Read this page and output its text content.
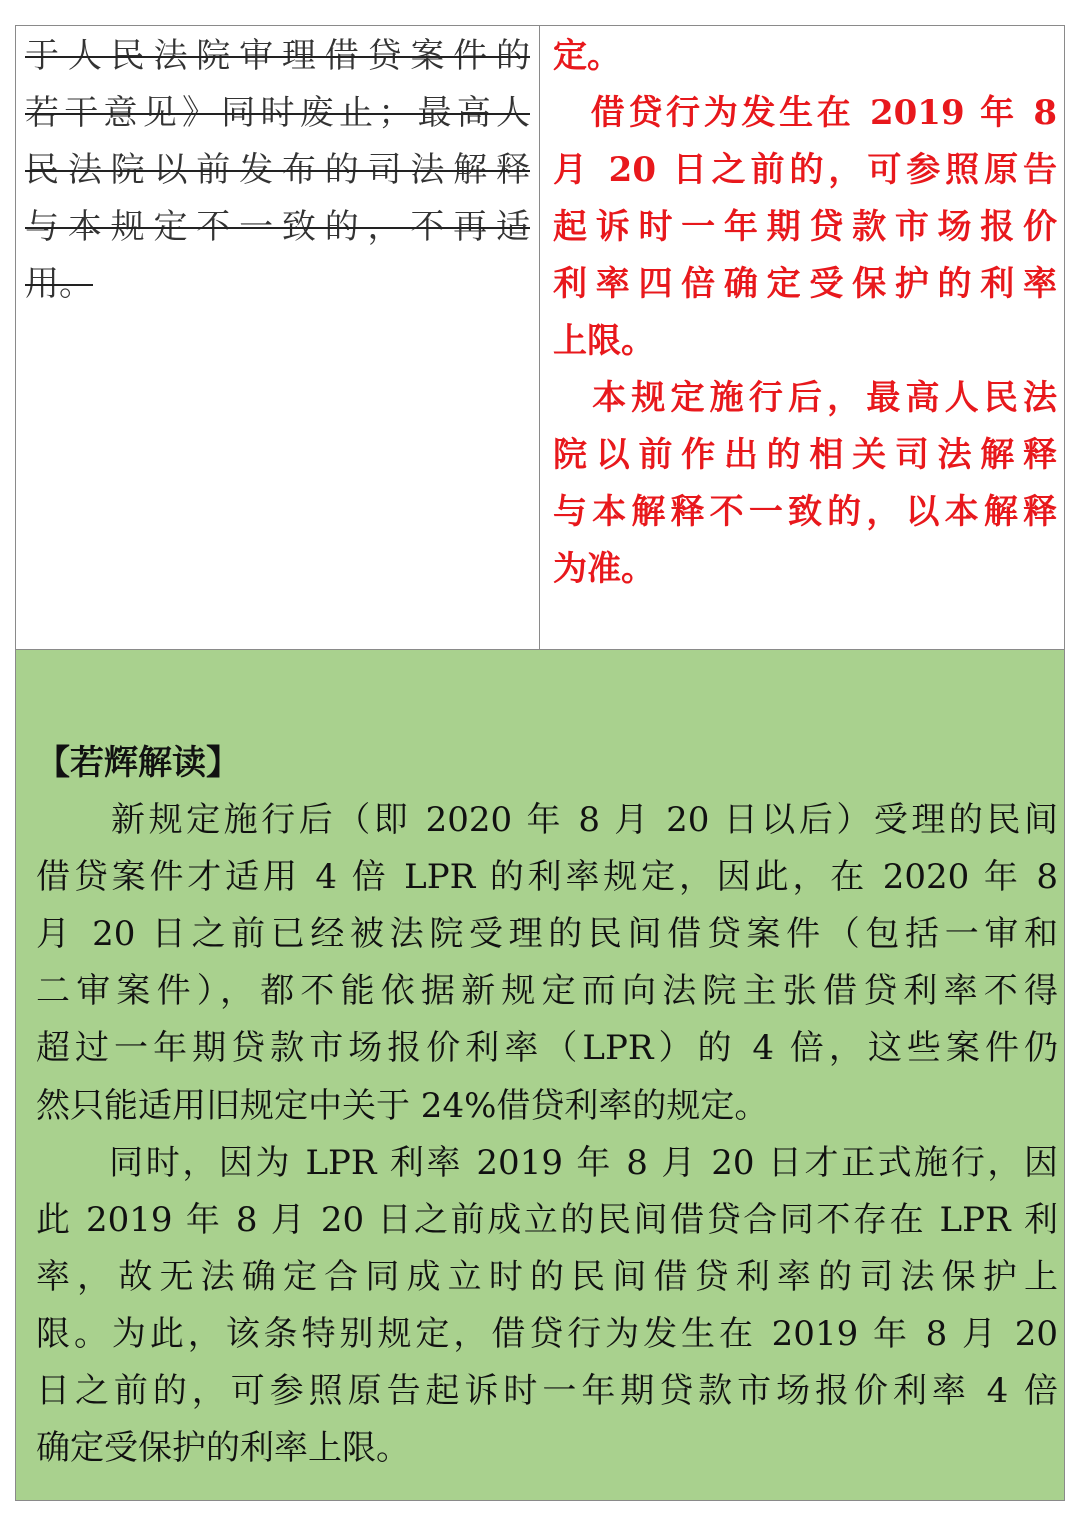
于人民法院审理借贷案件的
若干意见》同时废止；最高人
民法院以前发布的司法解释
与本规定不一致的，不再适
用。
定。
　借贷行为发生在 2019 年 8
月 20 日之前的，可参照原告
起诉时一年期贷款市场报价
利率四倍确定受保护的利率
上限。
　本规定施行后，最高人民法
院以前作出的相关司法解释
与本解释不一致的，以本解释
为准。
【若辉解读】
　　新规定施行后（即 2020 年 8 月 20 日以后）受理的民间
借贷案件才适用 4 倍 LPR 的利率规定，因此，在 2020 年 8
月 20 日之前已经被法院受理的民间借贷案件（包括一审和
二审案件），都不能依据新规定而向法院主张借贷利率不得
超过一年期贷款市场报价利率（LPR）的 4 倍，这些案件仍
然只能适用旧规定中关于 24%借贷利率的规定。
　　同时，因为 LPR 利率 2019 年 8 月 20 日才正式施行，因
此 2019 年 8 月 20 日之前成立的民间借贷合同不存在 LPR 利
率，故无法确定合同成立时的民间借贷利率的司法保护上
限。为此，该条特别规定，借贷行为发生在 2019 年 8 月 20
日之前的，可参照原告起诉时一年期贷款市场报价利率 4 倍
确定受保护的利率上限。
